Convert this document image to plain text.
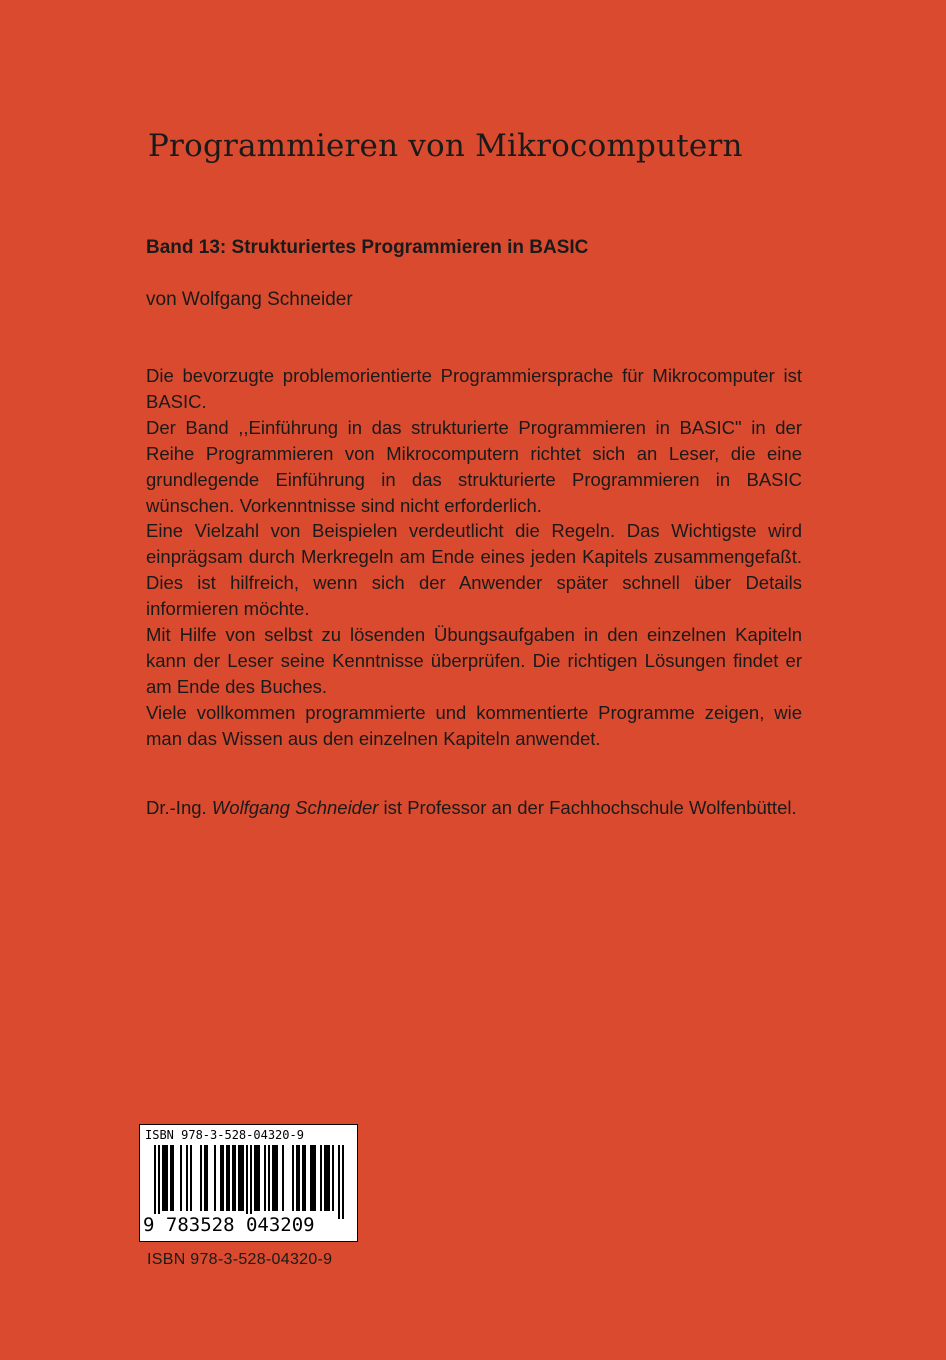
Programmieren von Mikrocomputern
Band 13: Strukturiertes Programmieren in BASIC
von Wolfgang Schneider

Die bevorzugte problemorientierte Programmiersprache für Mikrocomputer ist BASIC.

Der Band ,,Einführung in das strukturierte Programmieren in BASIC" in der Reihe Programmieren von Mikrocomputern richtet sich an Leser, die eine grundlegende Einführung in das strukturierte Programmieren in BASIC wünschen. Vorkenntnisse sind nicht erforderlich.

Eine Vielzahl von Beispielen verdeutlicht die Regeln. Das Wichtigste wird einprägsam durch Merkregeln am Ende eines jeden Kapitels zusammengefaßt. Dies ist hilfreich, wenn sich der Anwender später schnell über Details informieren möchte.

Mit Hilfe von selbst zu lösenden Übungsaufgaben in den einzelnen Kapiteln kann der Leser seine Kenntnisse überprüfen. Die richtigen Lösungen findet er am Ende des Buches.

Viele vollkommen programmierte und kommentierte Programme zeigen, wie man das Wissen aus den einzelnen Kapiteln anwendet.

Dr.-Ing. Wolfgang Schneider ist Professor an der Fachhochschule Wolfenbüttel.
ISBN 978-3-528-04320-9
9 783528 043209
ISBN 978-3-528-04320-9
